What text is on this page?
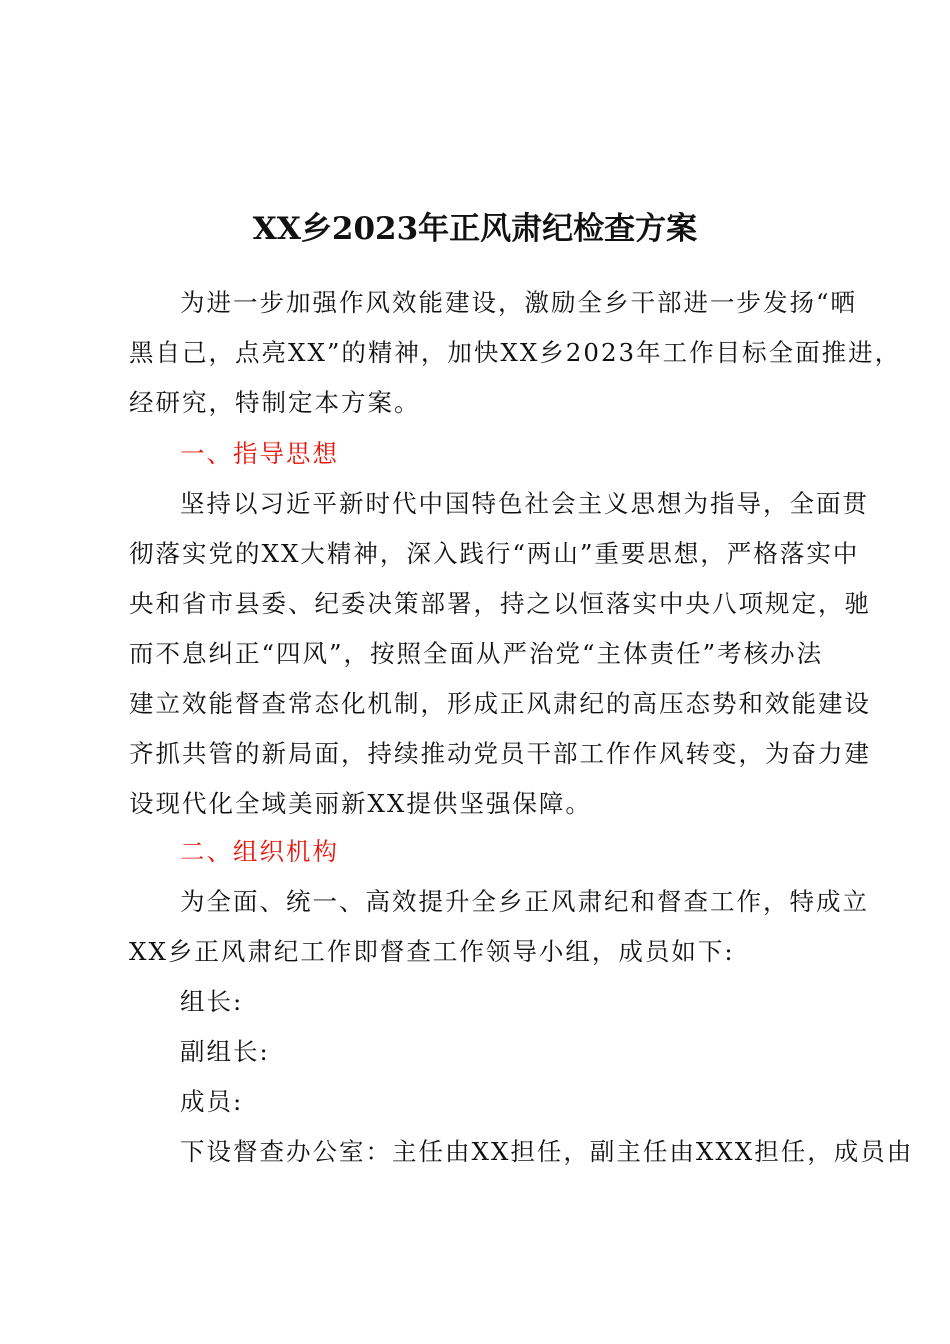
XX乡2023年正风肃纪检查方案
为进一步加强作风效能建设，激励全乡干部进一步发扬“晒
黑自己，点亮XX”的精神，加快XX乡2023年工作目标全面推进，
经研究，特制定本方案。
一、指导思想
坚持以习近平新时代中国特色社会主义思想为指导，全面贯
彻落实党的XX大精神，深入践行“两山”重要思想，严格落实中
央和省市县委、纪委决策部署，持之以恒落实中央八项规定，驰
而不息纠正“四风”，按照全面从严治党“主体责任”考核办法
建立效能督查常态化机制，形成正风肃纪的高压态势和效能建设
齐抓共管的新局面，持续推动党员干部工作作风转变，为奋力建
设现代化全域美丽新XX提供坚强保障。
二、组织机构
为全面、统一、高效提升全乡正风肃纪和督查工作，特成立
XX乡正风肃纪工作即督查工作领导小组，成员如下:
组长:
副组长:
成员:
下设督查办公室：主任由XX担任，副主任由XXX担任，成员由
